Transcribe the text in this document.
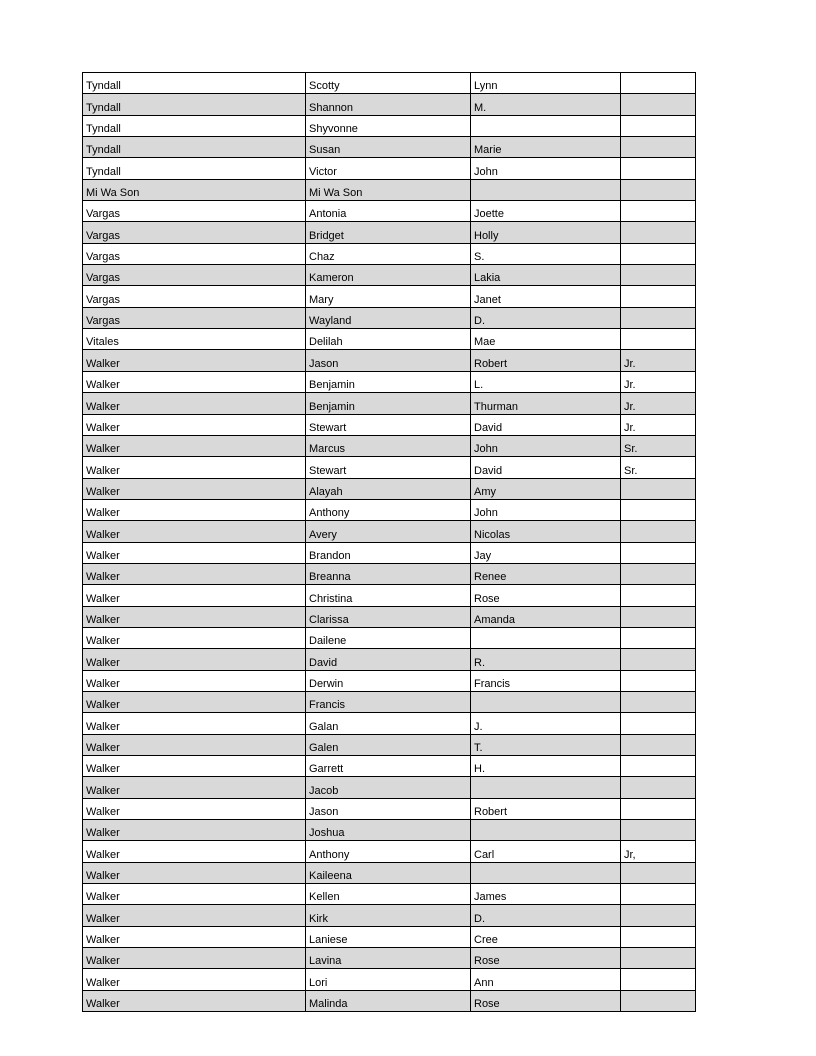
Tyndall	Scotty	Lynn	
Tyndall	Shannon	M.	
Tyndall	Shyvonne		
Tyndall	Susan	Marie	
Tyndall	Victor	John	
Mi Wa Son	Mi Wa Son		
Vargas	Antonia	Joette	
Vargas	Bridget	Holly	
Vargas	Chaz	S.	
Vargas	Kameron	Lakia	
Vargas	Mary	Janet	
Vargas	Wayland	D.	
Vitales	Delilah	Mae	
Walker	Jason	Robert	Jr.
Walker	Benjamin	L.	Jr.
Walker	Benjamin	Thurman	Jr.
Walker	Stewart	David	Jr.
Walker	Marcus	John	Sr.
Walker	Stewart	David	Sr.
Walker	Alayah	Amy	
Walker	Anthony	John	
Walker	Avery	Nicolas	
Walker	Brandon	Jay	
Walker	Breanna	Renee	
Walker	Christina	Rose	
Walker	Clarissa	Amanda	
Walker	Dailene		
Walker	David	R.	
Walker	Derwin	Francis	
Walker	Francis		
Walker	Galan	J.	
Walker	Galen	T.	
Walker	Garrett	H.	
Walker	Jacob		
Walker	Jason	Robert	
Walker	Joshua		
Walker	Anthony	Carl	Jr,
Walker	Kaileena		
Walker	Kellen	James	
Walker	Kirk	D.	
Walker	Laniese	Cree	
Walker	Lavina	Rose	
Walker	Lori	Ann	
Walker	Malinda	Rose	
